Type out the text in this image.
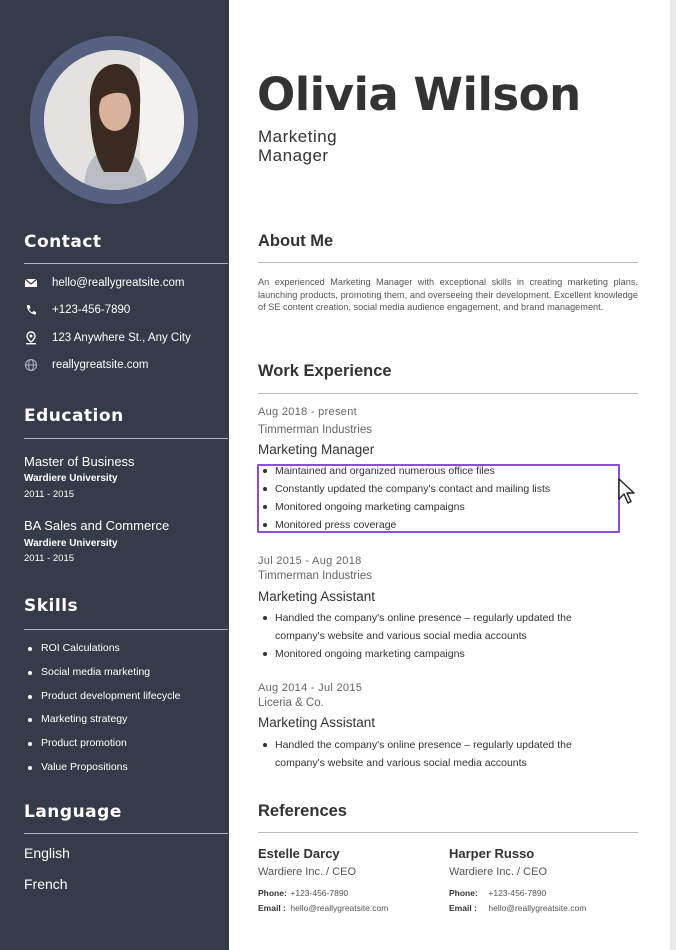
Contact
hello@reallygreatsite.com
+123-456-7890
123 Anywhere St., Any City
reallygreatsite.com
Education
Master of Business
Wardiere University
2011 - 2015
BA Sales and Commerce
Wardiere University
2011 - 2015
Skills
ROI Calculations
Social media marketing
Product development lifecycle
Marketing strategy
Product promotion
Value Propositions
Language
English
French
Olivia Wilson
Marketing
Manager
About Me
An experienced Marketing Manager with exceptional skills in creating marketing plans, launching products, promoting them, and overseeing their development. Excellent knowledge of SE content creation, social media audience engagement, and brand management.
Work Experience
Aug 2018 - present
Timmerman Industries
Marketing Manager
Maintained and organized numerous office files
Constantly updated the company's contact and mailing lists
Monitored ongoing marketing campaigns
Monitored press coverage
Jul 2015 - Aug 2018
Timmerman Industries
Marketing Assistant
Handled the company's online presence – regularly updated the company's website and various social media accounts
Monitored ongoing marketing campaigns
Aug 2014 - Jul 2015
Liceria & Co.
Marketing Assistant
Handled the company's online presence – regularly updated the company's website and various social media accounts
References
Estelle Darcy
Wardiere Inc. / CEO
Phone: +123-456-7890
Email : hello@reallygreatsite.com
Harper Russo
Wardiere Inc. / CEO
Phone: +123-456-7890
Email : hello@reallygreatsite.com
